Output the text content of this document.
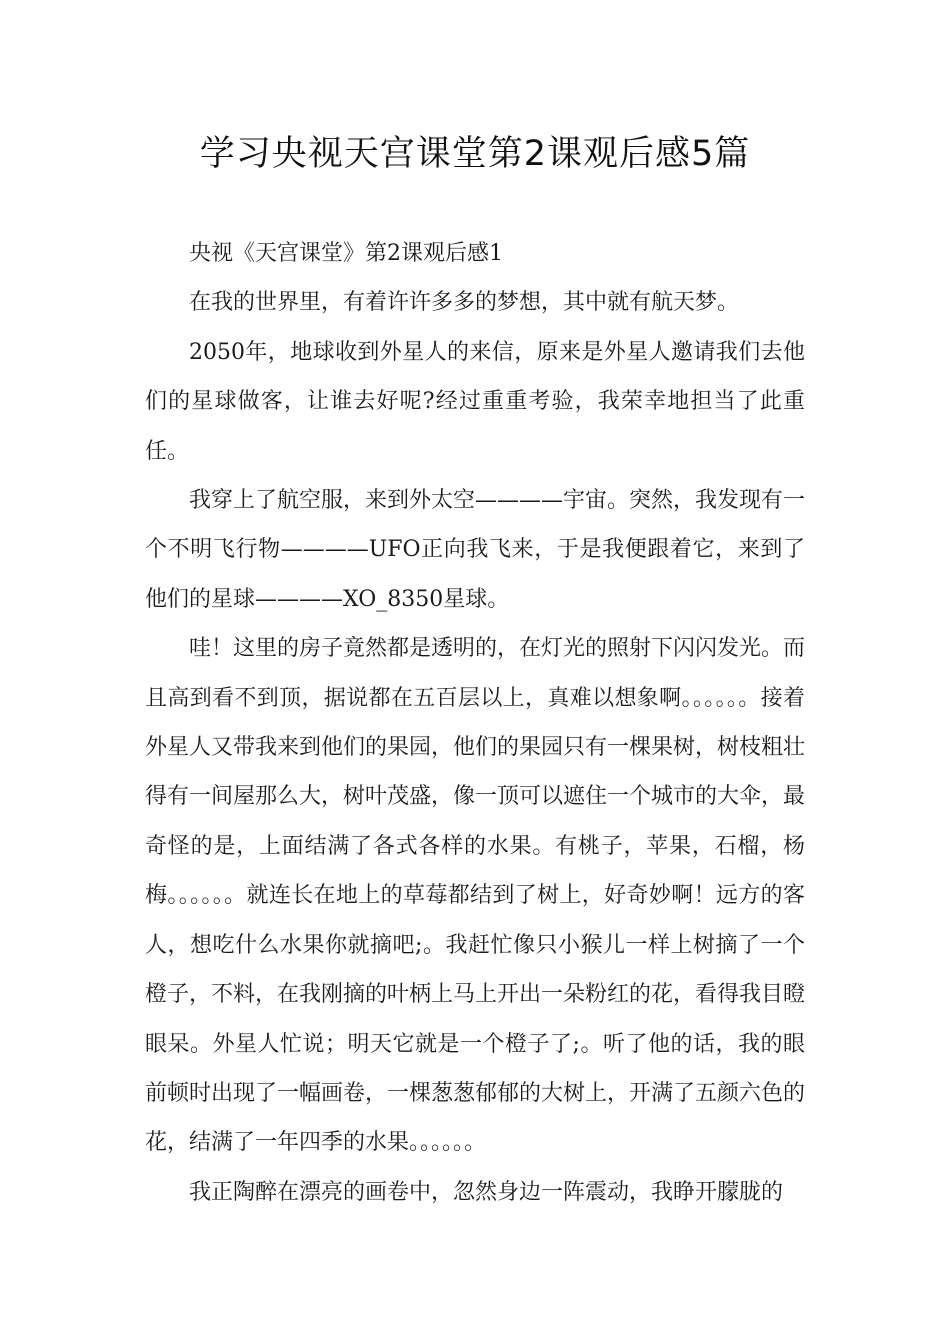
学习央视天宫课堂第2课观后感5篇

央视《天宫课堂》第2课观后感1

在我的世界里，有着许许多多的梦想，其中就有航天梦。

2050年，地球收到外星人的来信，原来是外星人邀请我们去他们的星球做客，让谁去好呢?经过重重考验，我荣幸地担当了此重任。

我穿上了航空服，来到外太空————宇宙。突然，我发现有一个不明飞行物————UFO正向我飞来，于是我便跟着它，来到了他们的星球————XO_8350星球。

哇！这里的房子竟然都是透明的，在灯光的照射下闪闪发光。而且高到看不到顶，据说都在五百层以上，真难以想象啊。。。。。。接着外星人又带我来到他们的果园，他们的果园只有一棵果树，树枝粗壮得有一间屋那么大，树叶茂盛，像一顶可以遮住一个城市的大伞，最奇怪的是，上面结满了各式各样的水果。有桃子，苹果，石榴，杨梅。。。。。。就连长在地上的草莓都结到了树上，好奇妙啊！远方的客人，想吃什么水果你就摘吧;。我赶忙像只小猴儿一样上树摘了一个橙子，不料，在我刚摘的叶柄上马上开出一朵粉红的花，看得我目瞪眼呆。外星人忙说；明天它就是一个橙子了;。听了他的话，我的眼前顿时出现了一幅画卷，一棵葱葱郁郁的大树上，开满了五颜六色的花，结满了一年四季的水果。。。。。。

我正陶醉在漂亮的画卷中，忽然身边一阵震动，我睁开朦胧的
